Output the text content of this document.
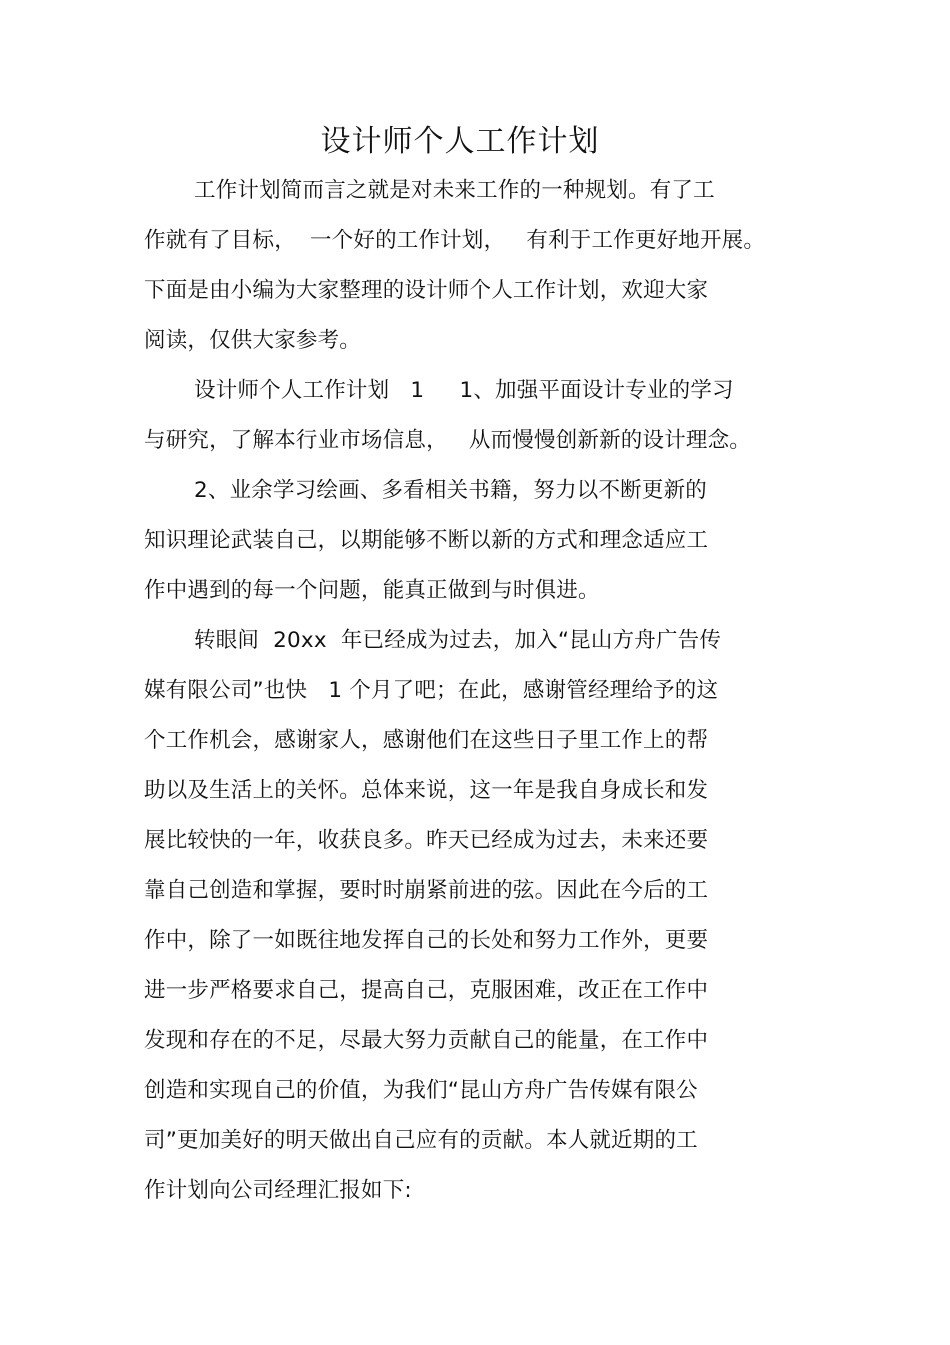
设计师个人工作计划
工作计划简而言之就是对未来工作的一种规划。有了工
作就有了目标，  一个好的工作计划，   有利于工作更好地开展。
下面是由小编为大家整理的设计师个人工作计划，欢迎大家
阅读，仅供大家参考。
设计师个人工作计划   1     1、加强平面设计专业的学习
与研究，了解本行业市场信息，   从而慢慢创新新的设计理念。
2、业余学习绘画、多看相关书籍，努力以不断更新的
知识理论武装自己，以期能够不断以新的方式和理念适应工
作中遇到的每一个问题，能真正做到与时俱进。
转眼间  20xx  年已经成为过去，加入“昆山方舟广告传
媒有限公司”也快   1 个月了吧；在此，感谢管经理给予的这
个工作机会，感谢家人，感谢他们在这些日子里工作上的帮
助以及生活上的关怀。总体来说，这一年是我自身成长和发
展比较快的一年，收获良多。昨天已经成为过去，未来还要
靠自己创造和掌握，要时时崩紧前进的弦。因此在今后的工
作中，除了一如既往地发挥自己的长处和努力工作外，更要
进一步严格要求自己，提高自己，克服困难，改正在工作中
发现和存在的不足，尽最大努力贡献自己的能量，在工作中
创造和实现自己的价值，为我们“昆山方舟广告传媒有限公
司”更加美好的明天做出自己应有的贡献。本人就近期的工
作计划向公司经理汇报如下:
